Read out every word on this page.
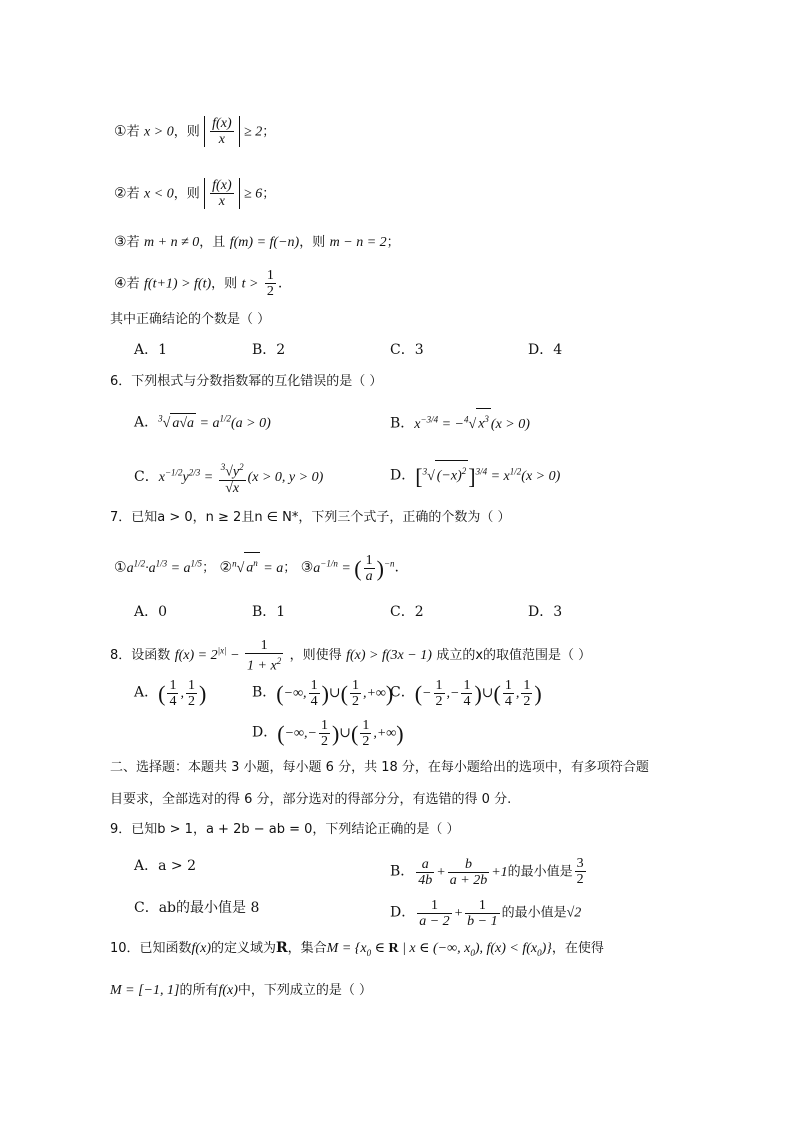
①若 x > 0，则 $\frac{f(x)}{x} \ge 2$；
②若 x < 0，则 $\frac{f(x)}{x} \ge 6$；
③若 m + n ≠ 0，且 f(m) = f(−n)，则 m − n = 2；
④若 f(t+1) > f(t)，则 $t > \frac{1}{2}$ .
其中正确结论的个数是（ ）
A．1	B．2	C．3	D．4
6．下列根式与分数指数幂的互化错误的是（ ）
A．$^3$√ $a√a = a^{1/2}(a > 0)$	B．$x^{-3/4} = -^4√$ $x^3$ (x > 0)
C．$x^{-1/2}y^{2/3} = \frac{^3√y^2}{√x} (x > 0$, y > 0)	D．[$^3$√ $(-x)^2]^{3/4} = x^{1/2}(x > 0)$
7．已知a > 0，n ≥ 2且n ∈ N*，下列三个式子，正确的个数为（ ）
$①a^{1/2}\cdot a^{1/3} = a^{1/5}$； ②$^n$√ $a^n = a$； $③a^{-1/n}$ = ( $\frac{1}{a} )^{-n}$.
A．0	B．1	C．2	D．3
8．设函数 $f(x) = 2^{|x|} - \frac{1}{1 + x^2}$ ，则使得 f(x) > f(3x − 1) 成立的x的取值范围是（ ）
A．( $\frac{1}{4}$ , $\frac{1}{2}$ )	B．(−∞, $\frac{1}{4}$ )∪( $\frac{1}{2}$ ,+∞)
C．(− $\frac{1}{2}$ ,− $\frac{1}{4}$ )∪( $\frac{1}{4}$ , $\frac{1}{2}$ )
D．(−∞,− $\frac{1}{2}$ )∪( $\frac{1}{2}$ ,+∞)
二、选择题：本题共 3 小题，每小题 6 分，共 18 分，在每小题给出的选项中，有多项符合题
目要求，全部选对的得 6 分，部分选对的得部分分，有选错的得 0 分.
9．已知b > 1，a + 2b − ab = 0，下列结论正确的是（ ）
A．a > 2	B． $\frac{a}{4b} + \frac{b}{a + 2b} +1$的最小值是 $\frac{3}{2}$
C．ab的最小值是 8	D． $\frac{1}{a - 2} + \frac{1}{b - 1}$ 的最小值是√2
10．已知函数f(x)的定义域为R，集合$M = \{x_0$ ∈ R | x ∈ (−∞, $x_0$), $f(x) < f(x_0)$}，在使得
M = [−1, 1]的所有f(x)中，下列成立的是（ ）
